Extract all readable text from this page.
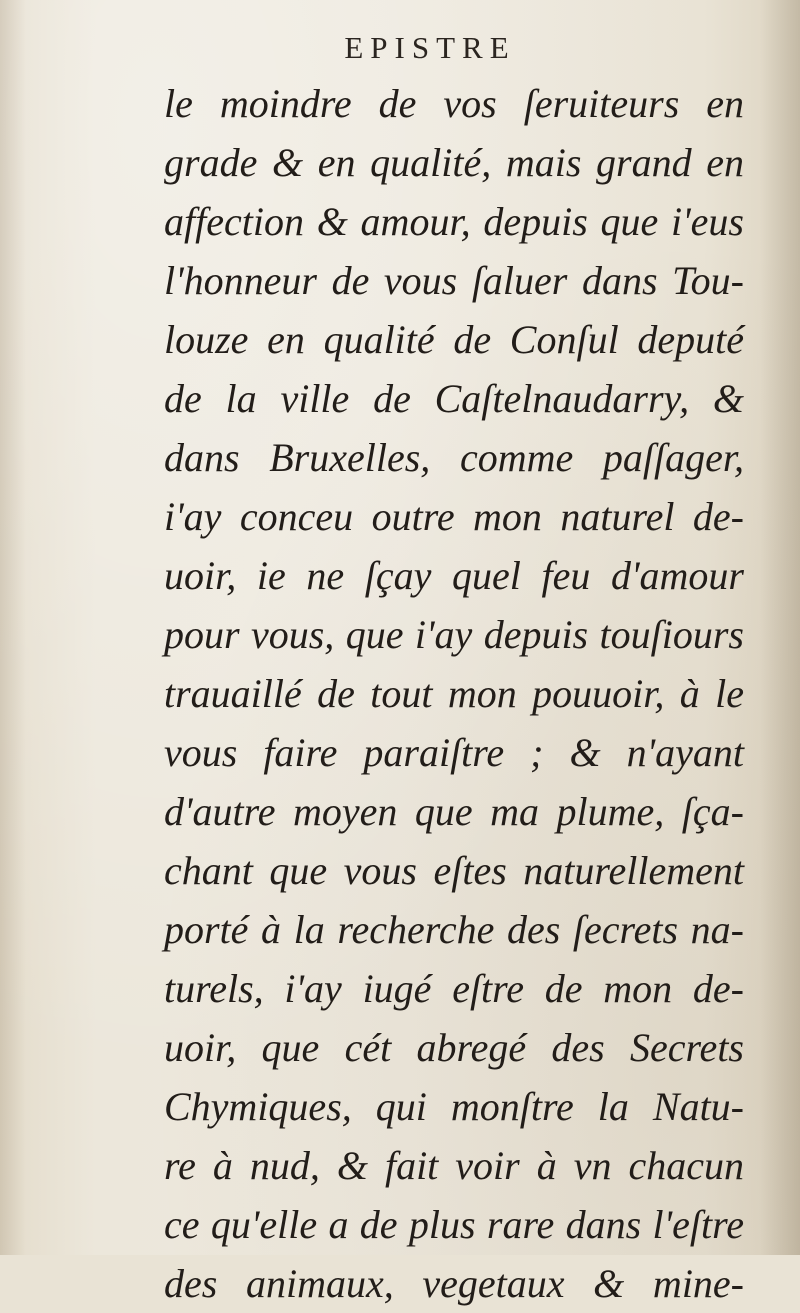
EPISTRE
le moindre de vos ſeruiteurs en
grade & en qualité, mais grand en
affection & amour, depuis que i'eus
l'honneur de vous ſaluer dans Tou-
louze en qualité de Conſul deputé
de la ville de Caſtelnaudarry, &
dans Bruxelles, comme paſſager,
i'ay conceu outre mon naturel de-
uoir, ie ne ſçay quel feu d'amour
pour vous, que i'ay depuis touſiours
trauaillé de tout mon pouuoir, à le
vous faire paraiſtre ; & n'ayant
d'autre moyen que ma plume, ſça-
chant que vous eſtes naturellement
porté à la recherche des ſecrets na-
turels, i'ay iugé eſtre de mon de-
uoir, que cét abregé des Secrets
Chymiques, qui monſtre la Natu-
re à nud, & fait voir à vn chacun
ce qu'elle a de plus rare dans l'eſtre
des animaux, vegetaux & mine-
